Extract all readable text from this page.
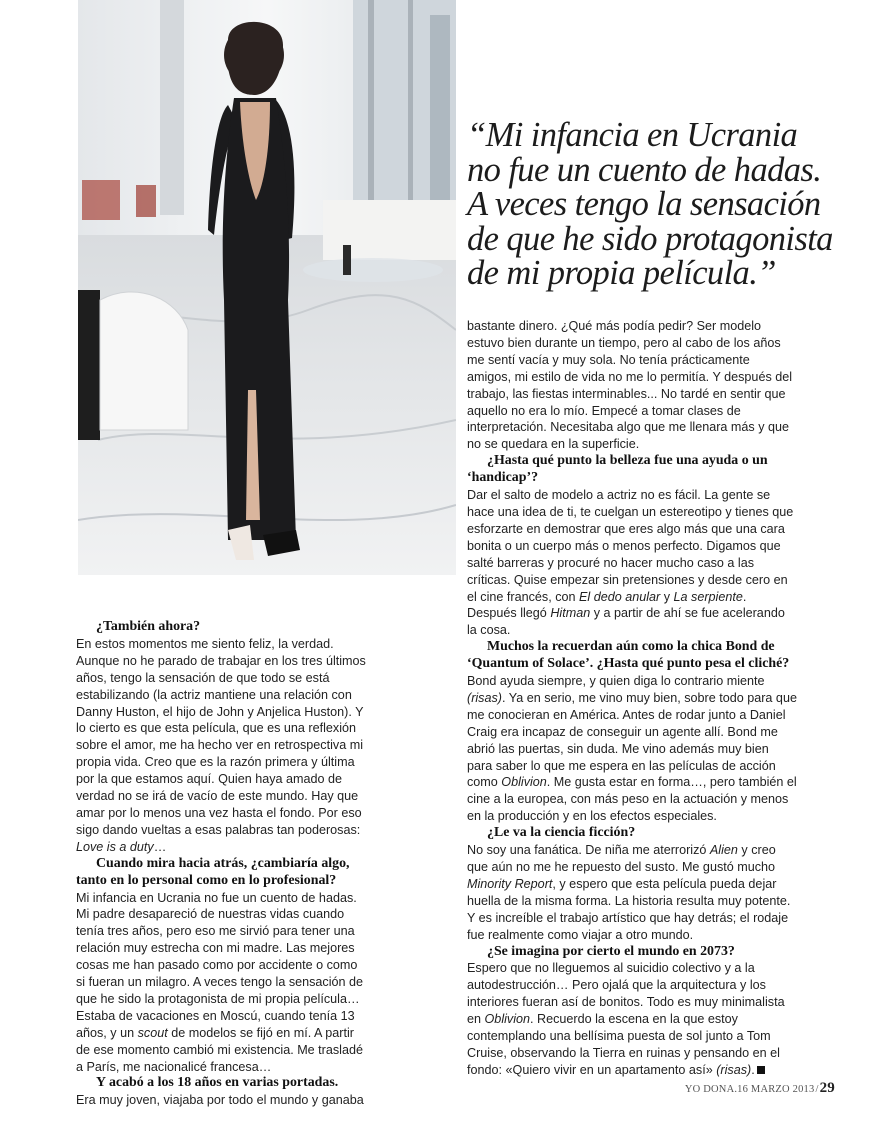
“Mi infancia en Ucrania
no fue un cuento de hadas.
A veces tengo la sensación
de que he sido protagonista
de mi propia película.”

¿También ahora?

En estos momentos me siento feliz, la verdad. Aunque no he parado de trabajar en los tres últimos años, tengo la sensación de que todo se está estabilizando (la actriz mantiene una relación con Danny Huston, el hijo de John y Anjelica Huston). Y lo cierto es que esta película, que es una reflexión sobre el amor, me ha hecho ver en retrospectiva mi propia vida. Creo que es la razón primera y última por la que estamos aquí. Quien haya amado de verdad no se irá de vacío de este mundo. Hay que amar por lo menos una vez hasta el fondo. Por eso sigo dando vueltas a esas palabras tan poderosas: Love is a duty…

Cuando mira hacia atrás, ¿cambiaría algo, tanto en lo personal como en lo profesional?

Mi infancia en Ucrania no fue un cuento de hadas. Mi padre desapareció de nuestras vidas cuando tenía tres años, pero eso me sirvió para tener una relación muy estrecha con mi madre. Las mejores cosas me han pasado como por accidente o como si fueran un milagro. A veces tengo la sensación de que he sido la protagonista de mi propia película… Estaba de vacaciones en Moscú, cuando tenía 13 años, y un scout de modelos se fijó en mí. A partir de ese momento cambió mi existencia. Me trasladé a París, me nacionalicé francesa…

Y acabó a los 18 años en varias portadas.

Era muy joven, viajaba por todo el mundo y ganaba

bastante dinero. ¿Qué más podía pedir? Ser modelo estuvo bien durante un tiempo, pero al cabo de los años me sentí vacía y muy sola. No tenía prácticamente amigos, mi estilo de vida no me lo permitía. Y después del trabajo, las fiestas interminables... No tardé en sentir que aquello no era lo mío. Empecé a tomar clases de interpretación. Necesitaba algo que me llenara más y que no se quedara en la superficie.

¿Hasta qué punto la belleza fue una ayuda o un ‘handicap’?

Dar el salto de modelo a actriz no es fácil. La gente se hace una idea de ti, te cuelgan un estereotipo y tienes que esforzarte en demostrar que eres algo más que una cara bonita o un cuerpo más o menos perfecto. Digamos que salté barreras y procuré no hacer mucho caso a las críticas. Quise empezar sin pretensiones y desde cero en el cine francés, con El dedo anular y La serpiente. Después llegó Hitman y a partir de ahí se fue acelerando la cosa.

Muchos la recuerdan aún como la chica Bond de ‘Quantum of Solace’. ¿Hasta qué punto pesa el cliché?

Bond ayuda siempre, y quien diga lo contrario miente (risas). Ya en serio, me vino muy bien, sobre todo para que me conocieran en América. Antes de rodar junto a Daniel Craig era incapaz de conseguir un agente allí. Bond me abrió las puertas, sin duda. Me vino además muy bien para saber lo que me espera en las películas de acción como Oblivion. Me gusta estar en forma…, pero también el cine a la europea, con más peso en la actuación y menos en la producción y en los efectos especiales.

¿Le va la ciencia ficción?

No soy una fanática. De niña me aterrorizó Alien y creo que aún no me he repuesto del susto. Me gustó mucho Minority Report, y espero que esta película pueda dejar huella de la misma forma. La historia resulta muy potente. Y es increíble el trabajo artístico que hay detrás; el rodaje fue realmente como viajar a otro mundo.

¿Se imagina por cierto el mundo en 2073?

Espero que no lleguemos al suicidio colectivo y a la autodestrucción… Pero ojalá que la arquitectura y los interiores fueran así de bonitos. Todo es muy minimalista en Oblivion. Recuerdo la escena en la que estoy contemplando una bellísima puesta de sol junto a Tom Cruise, observando la Tierra en ruinas y pensando en el fondo: «Quiero vivir en un apartamento así» (risas).

YO DONA.16 MARZO 2013/29
